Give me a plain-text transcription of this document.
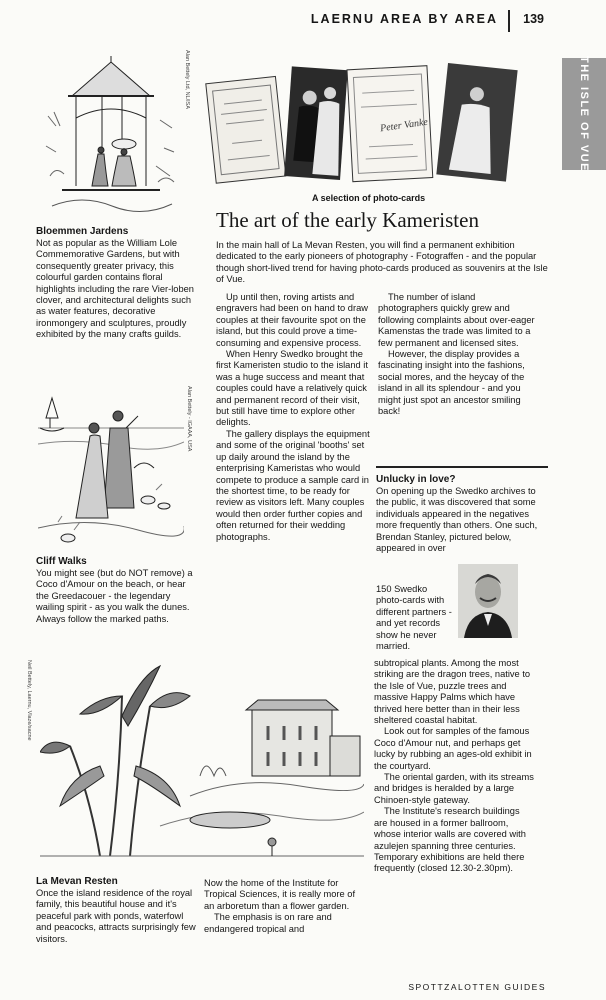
LAERNU AREA BY AREA 139
THE ISLE OF VUE
Alan Bettely Ltd, NL/ISA
Peter Vanke
A selection of photo-cards
Bloemmen Jardens

Not as popular as the William Lole Commemorative Gardens, but with consequently greater privacy, this colourful garden contains floral highlights including the rare Vier-loben clover, and architectural delights such as water features, decorative ironmongery and sculptures, proudly exhibited by the many crafts guilds.

Alan Bettely - IGAAA, USA
Cliff Walks

You might see (but do NOT remove) a Coco d'Amour on the beach, or hear the Greedacouer - the legendary wailing spirit - as you walk the dunes. Always follow the marked paths.

The art of the early Kameristen
In the main hall of La Mevan Resten, you will find a permanent exhibition dedicated to the early pioneers of photography - Fotograffen - and the popular though short-lived trend for having photo-cards produced as souvenirs at the Isle of Vue.

Up until then, roving artists and engravers had been on hand to draw couples at their favourite spot on the island, but this could prove a time-consuming and expensive process.

When Henry Swedko brought the first Kameristen studio to the island it was a huge success and meant that couples could have a relatively quick and permanent record of their visit, but still have time to explore other delights.

The gallery displays the equipment and some of the original 'booths' set up daily around the island by the enterprising Kameristas who would compete to produce a sample card in the shortest time, to be ready for review as visitors left. Many couples would then order further copies and often returned for their wedding photographs.

The number of island photographers quickly grew and following complaints about over-eager Kamenstas the trade was limited to a few permanent and licensed sites.

However, the display provides a fascinating insight into the fashions, social mores, and the heycay of the island in all its splendour - and you might just spot an ancestor smiling back!

Unlucky in love?

On opening up the Swedko archives to the public, it was discovered that some individuals appeared in the negatives more frequently than others. One such, Brendan Stanley, pictured below, appeared in over

150 Swedko photo-cards with different partners - and yet records show he never married.
Neil Bettely, Laernu, Vlaze/sacne
La Mevan Resten

Once the island residence of the royal family, this beautiful house and it's peaceful park with ponds, waterfowl and peacocks, attracts surprisingly few visitors.

Now the home of the Institute for Tropical Sciences, it is really more of an arboretum than a flower garden.

The emphasis is on rare and endangered tropical and

subtropical plants. Among the most striking are the dragon trees, native to the Isle of Vue, puzzle trees and massive Happy Palms which have thrived here better than in their less sheltered coastal habitat.

Look out for samples of the famous Coco d'Amour nut, and perhaps get lucky by rubbing an ages-old exhibit in the courtyard.

The oriental garden, with its streams and bridges is heralded by a large Chinoen-style gateway.

The Institute's research buildings are housed in a former ballroom, whose interior walls are covered with azulejen spanning three centuries. Temporary exhibitions are held there frequently (closed 12.30-2.30pm).

SPOTTZALOTTEN GUIDES
